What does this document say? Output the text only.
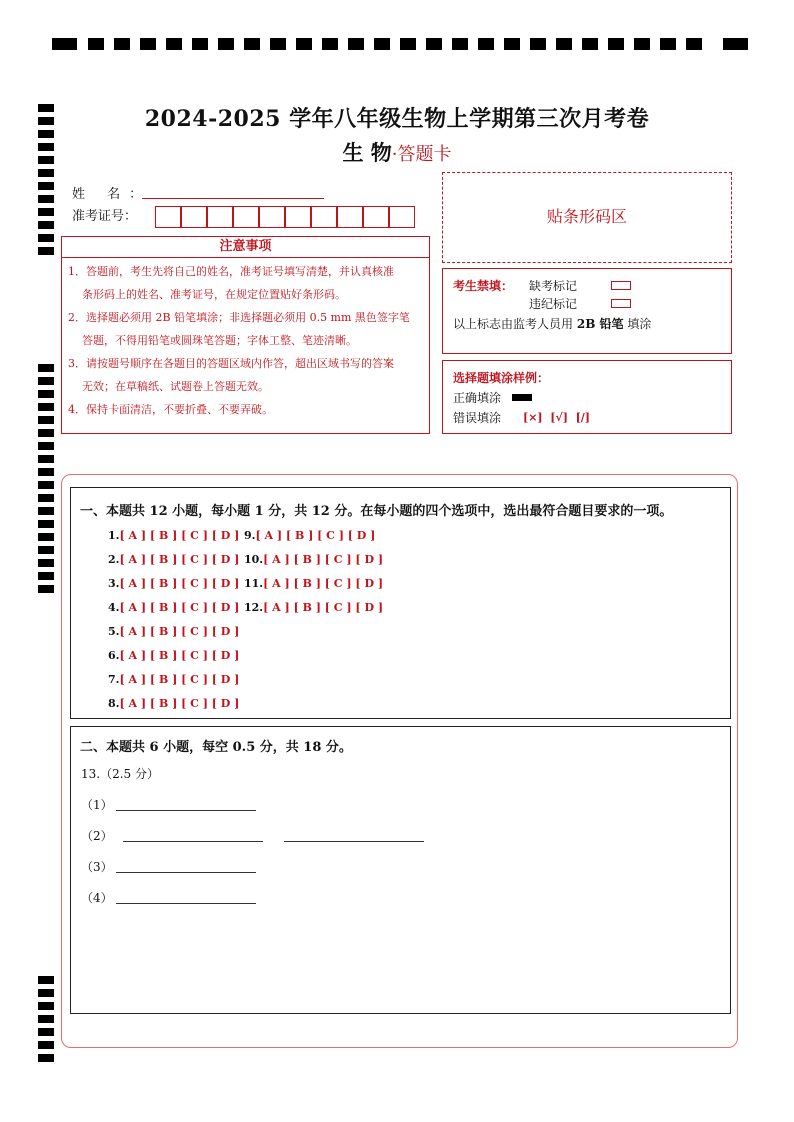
2024-2025 学年八年级生物上学期第三次月考卷
生 物·答题卡
姓 名：
准考证号：
注意事项
1．答题前，考生先将自己的姓名，准考证号填写清楚，并认真核准
条形码上的姓名、准考证号，在规定位置贴好条形码。
2．选择题必须用 2B 铅笔填涂；非选择题必须用 0.5 mm 黑色签字笔
答题，不得用铅笔或圆珠笔答题；字体工整、笔迹清晰。
3．请按题号顺序在各题目的答题区域内作答，超出区域书写的答案
无效；在草稿纸、试题卷上答题无效。
4．保持卡面清洁，不要折叠、不要弄破。
贴条形码区
考生禁填： 缺考标记
违纪标记
以上标志由监考人员用 2B 铅笔 填涂
选择题填涂样例：
正确填涂
错误填涂 [×]  [√]  [/]
一、本题共 12 小题，每小题 1 分，共 12 分。在每小题的四个选项中，选出最符合题目要求的一项。
1.[ A ] [ B ] [ C ] [ D ]
2.[ A ] [ B ] [ C ] [ D ]
3.[ A ] [ B ] [ C ] [ D ]
4.[ A ] [ B ] [ C ] [ D ]
5.[ A ] [ B ] [ C ] [ D ]
6.[ A ] [ B ] [ C ] [ D ]
7.[ A ] [ B ] [ C ] [ D ]
8.[ A ] [ B ] [ C ] [ D ]
9.[ A ] [ B ] [ C ] [ D ]
10.[ A ] [ B ] [ C ] [ D ]
11.[ A ] [ B ] [ C ] [ D ]
12.[ A ] [ B ] [ C ] [ D ]
二、本题共 6 小题，每空 0.5 分，共 18 分。
13.（2.5 分）
（1）
（2）
（3）
（4）
